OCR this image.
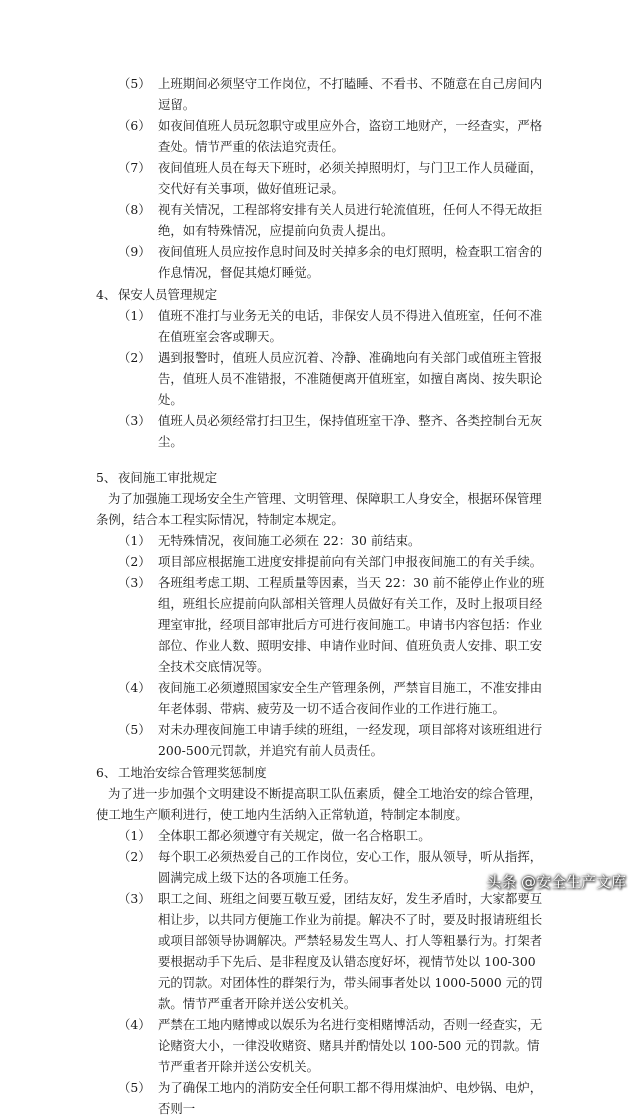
（5） 上班期间必须坚守工作岗位，不打瞌睡、不看书、不随意在自己房间内逗留。
（6） 如夜间值班人员玩忽职守或里应外合，盗窃工地财产，一经查实，严格查处。情节严重的依法追究责任。
（7） 夜间值班人员在每天下班时，必须关掉照明灯，与门卫工作人员碰面，交代好有关事项，做好值班记录。
（8） 视有关情况，工程部将安排有关人员进行轮流值班，任何人不得无故拒绝，如有特殊情况，应提前向负责人提出。
（9） 夜间值班人员应按作息时间及时关掉多余的电灯照明，检查职工宿舍的作息情况，督促其熄灯睡觉。
4、 保安人员管理规定
（1） 值班不准打与业务无关的电话，非保安人员不得进入值班室，任何不准在值班室会客或聊天。
（2） 遇到报警时，值班人员应沉着、冷静、准确地向有关部门或值班主管报告，值班人员不准错报，不准随便离开值班室，如擅自离岗、按失职论处。
（3） 值班人员必须经常打扫卫生，保持值班室干净、整齐、各类控制台无灰尘。
5、 夜间施工审批规定
为了加强施工现场安全生产管理、文明管理、保障职工人身安全，根据环保管理条例，结合本工程实际情况，特制定本规定。
（1） 无特殊情况，夜间施工必须在 22：30 前结束。
（2） 项目部应根据施工进度安排提前向有关部门申报夜间施工的有关手续。
（3） 各班组考虑工期、工程质量等因素，当天 22：30 前不能停止作业的班组，班组长应提前向队部相关管理人员做好有关工作，及时上报项目经理室审批，经项目部审批后方可进行夜间施工。申请书内容包括：作业部位、作业人数、照明安排、申请作业时间、值班负责人安排、职工安全技术交底情况等。
（4） 夜间施工必须遵照国家安全生产管理条例，严禁盲目施工，不准安排由年老体弱、带病、疲劳及一切不适合夜间作业的工作进行施工。
（5） 对未办理夜间施工申请手续的班组，一经发现，项目部将对该班组进行 200-500元罚款，并追究有前人员责任。
6、 工地治安综合管理奖惩制度
为了进一步加强个文明建设不断提高职工队伍素质，健全工地治安的综合管理，使工地生产顺利进行，使工地内生活纳入正常轨道，特制定本制度。
（1） 全体职工都必须遵守有关规定，做一名合格职工。
（2） 每个职工必须热爱自己的工作岗位，安心工作，服从领导，听从指挥，圆满完成上级下达的各项施工任务。
（3） 职工之间、班组之间要互敬互爱，团结友好，发生矛盾时，大家都要互相让步，以共同方便施工作业为前提。解决不了时，要及时报请班组长或项目部领导协调解决。严禁轻易发生骂人、打人等粗暴行为。打架者要根据动手下先后、是非程度及认错态度好坏，视情节处以 100-300 元的罚款。对团体性的群架行为，带头闹事者处以 1000-5000 元的罚款。情节严重者开除并送公安机关。
（4） 严禁在工地内赌博或以娱乐为名进行变相赌博活动，否则一经查实，无论赌资大小，一律没收赌资、赌具并酌情处以 100-500 元的罚款。情节严重者开除并送公安机关。
（5） 为了确保工地内的消防安全任何职工都不得用煤油炉、电炒锅、电炉，否则一
头条 @安全生产文库
